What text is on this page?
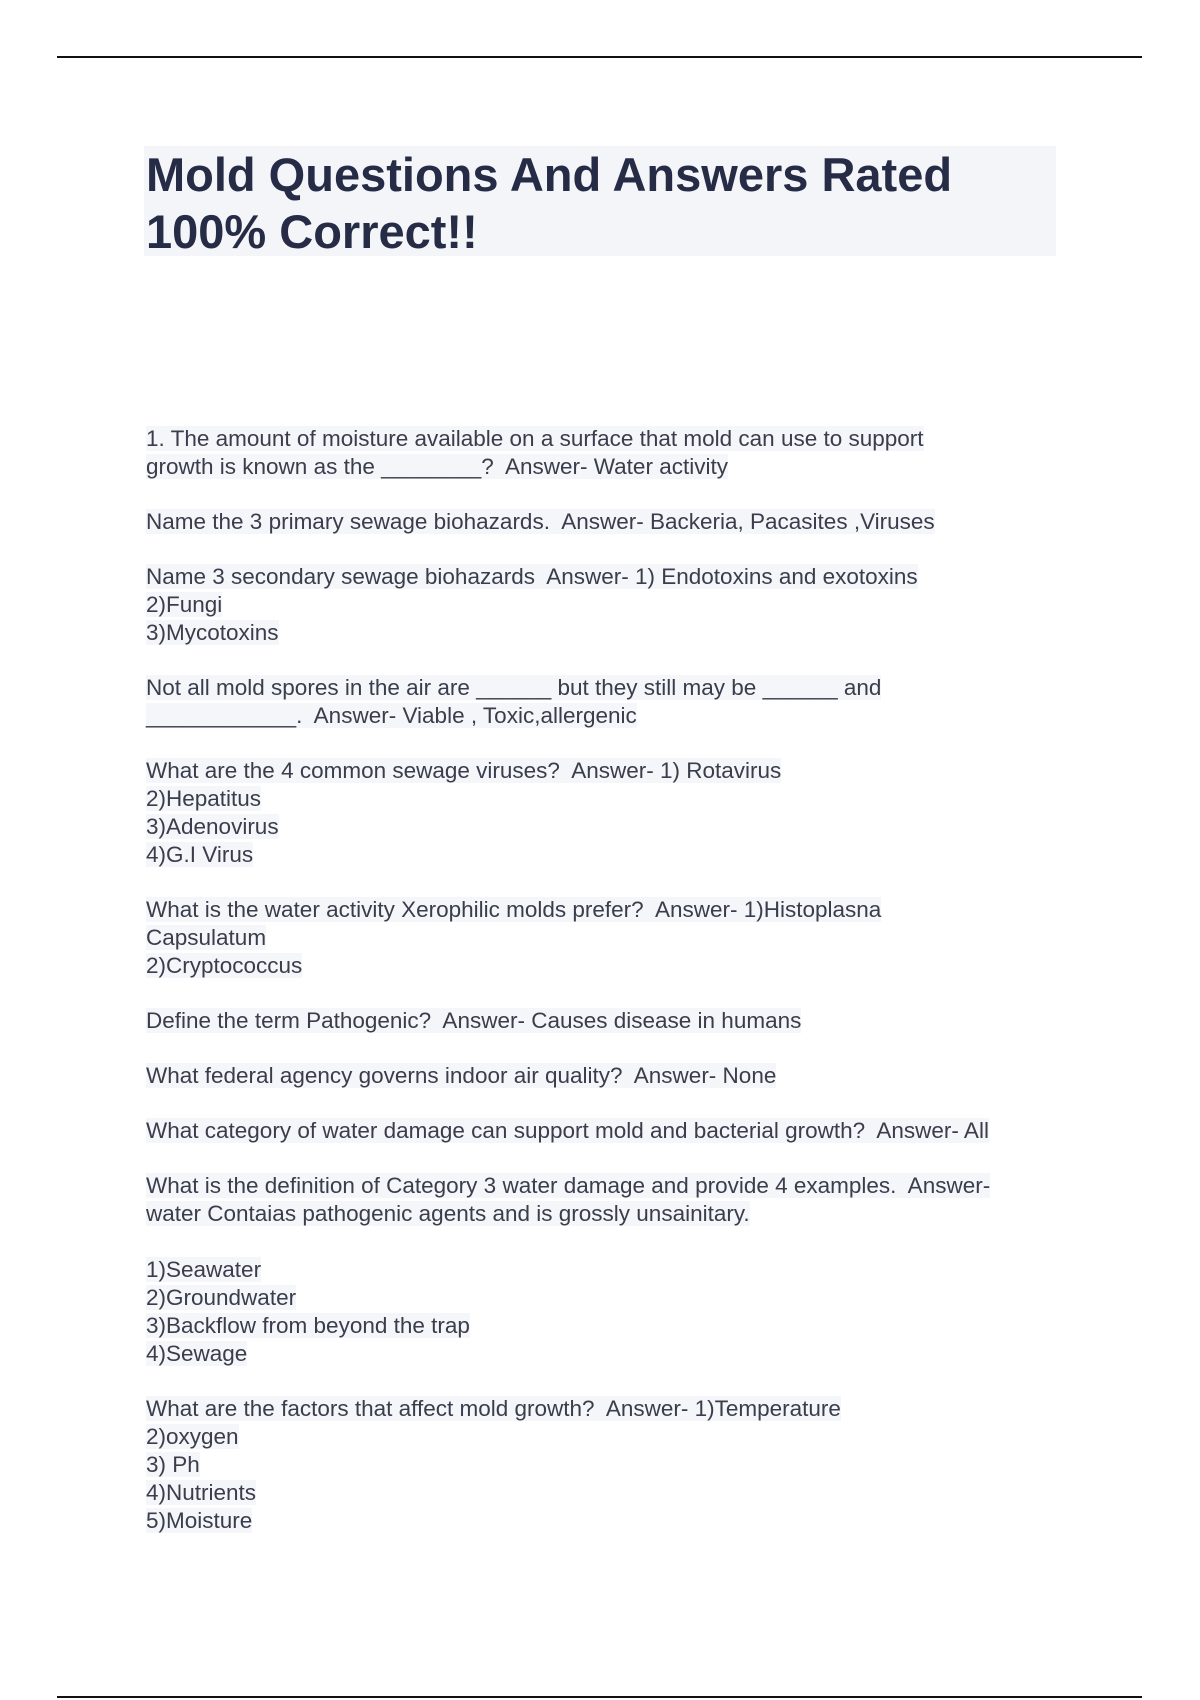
Mold Questions And Answers Rated
100% Correct!!
1. The amount of moisture available on a surface that mold can use to support
growth is known as the ________?  Answer- Water activity
Name the 3 primary sewage biohazards.  Answer- Backeria, Pacasites ,Viruses
Name 3 secondary sewage biohazards  Answer- 1) Endotoxins and exotoxins
2)Fungi
3)Mycotoxins
Not all mold spores in the air are ______ but they still may be ______ and
____________.  Answer- Viable , Toxic,allergenic
What are the 4 common sewage viruses?  Answer- 1) Rotavirus
2)Hepatitus
3)Adenovirus
4)G.I Virus
What is the water activity Xerophilic molds prefer?  Answer- 1)Histoplasna
Capsulatum
2)Cryptococcus
Define the term Pathogenic?  Answer- Causes disease in humans
What federal agency governs indoor air quality?  Answer- None
What category of water damage can support mold and bacterial growth?  Answer- All
What is the definition of Category 3 water damage and provide 4 examples.  Answer-
water Contaias pathogenic agents and is grossly unsainitary.
1)Seawater
2)Groundwater
3)Backflow from beyond the trap
4)Sewage
What are the factors that affect mold growth?  Answer- 1)Temperature
2)oxygen
3) Ph
4)Nutrients
5)Moisture
